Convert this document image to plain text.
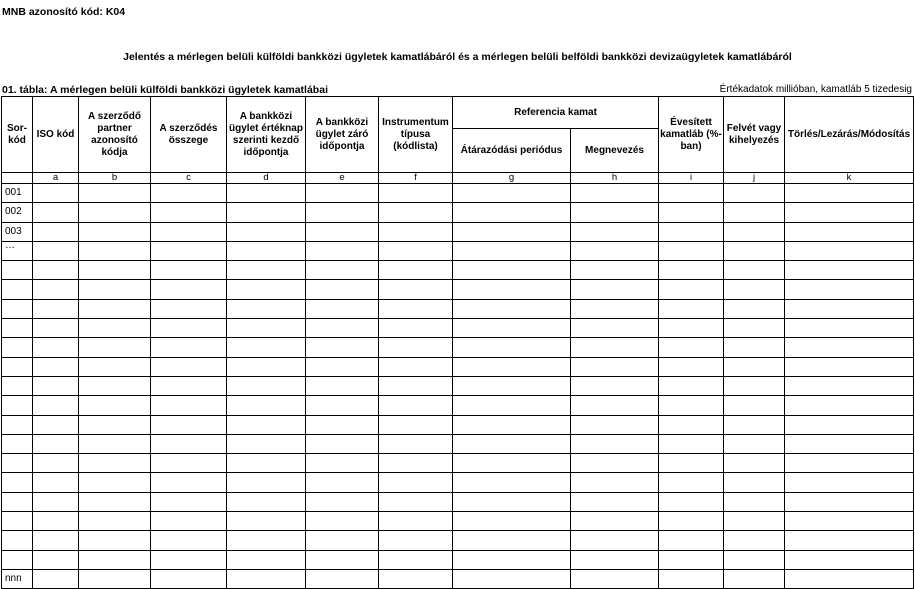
MNB azonosító kód: K04
Jelentés a mérlegen belüli külföldi bankközi ügyletek kamatlábáról és a mérlegen belüli belföldi bankközi devizaügyletek kamatlábáról
01. tábla: A mérlegen belüli külföldi bankközi ügyletek kamatlábai	Értékadatok millióban, kamatláb 5 tizedesig
Sor-kód	ISO kód	A szerződő partner azonosító kódja	A szerződés összege	A bankközi ügylet értéknap szerinti kezdő időpontja	A bankközi ügylet záró időpontja	Instrumentum típusa (kódlista)	Referencia kamat		Évesített kamatláb (%-ban)	Felvét vagy kihelyezés	Törlés/Lezárás/Módosítás
							Átárazódási periódus	Megnevezés			
	a	b	c	d	e	f	g	h	i	j	k
001											
002											
003											
…											

nnn											
